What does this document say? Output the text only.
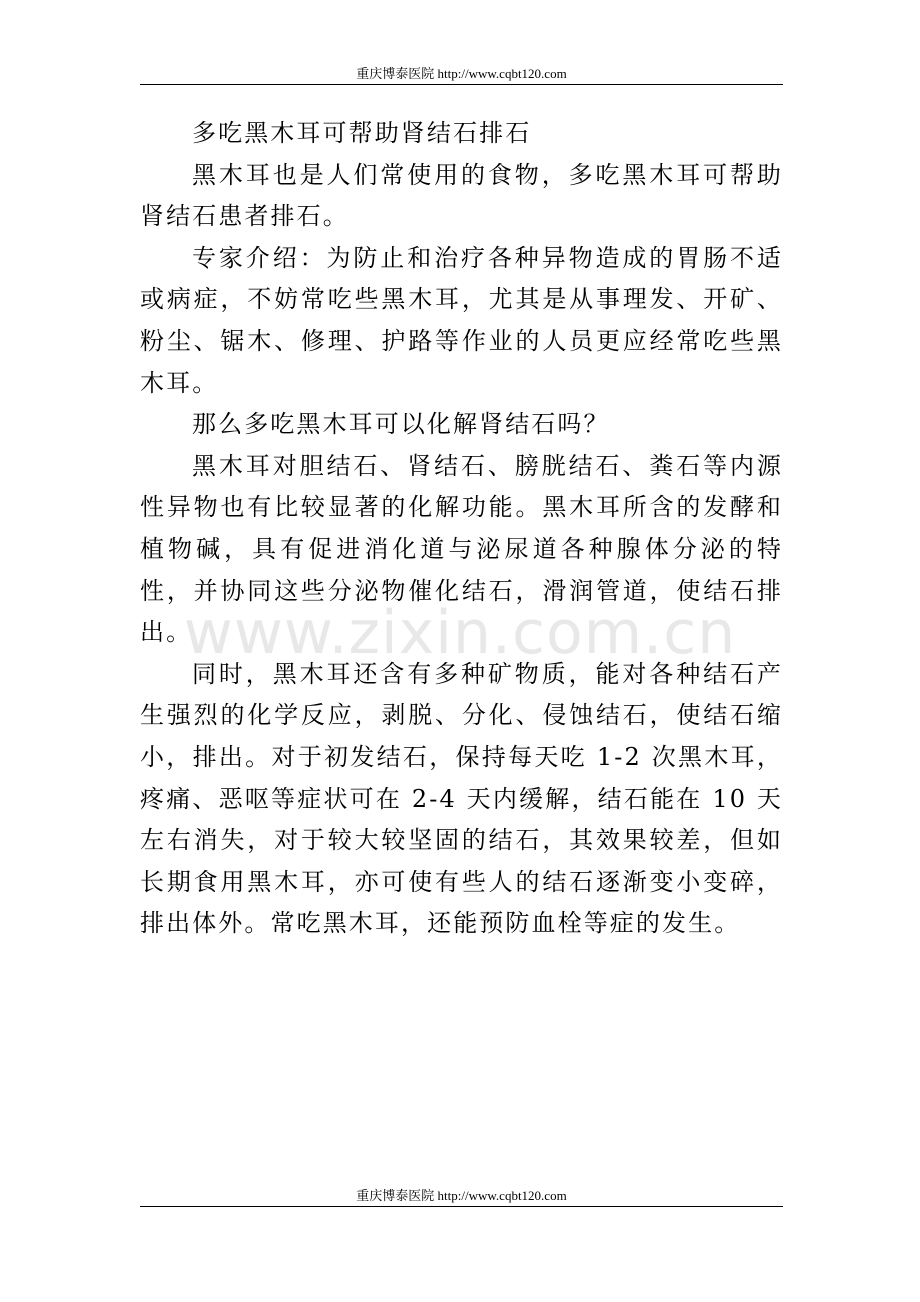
重庆博泰医院 http://www.cqbt120.com

多吃黑木耳可帮助肾结石排石

黑木耳也是人们常使用的食物，多吃黑木耳可帮助肾结石患者排石。

专家介绍：为防止和治疗各种异物造成的胃肠不适或病症，不妨常吃些黑木耳，尤其是从事理发、开矿、粉尘、锯木、修理、护路等作业的人员更应经常吃些黑木耳。

那么多吃黑木耳可以化解肾结石吗？

黑木耳对胆结石、肾结石、膀胱结石、粪石等内源性异物也有比较显著的化解功能。黑木耳所含的发酵和植物碱，具有促进消化道与泌尿道各种腺体分泌的特性，并协同这些分泌物催化结石，滑润管道，使结石排出。

同时，黑木耳还含有多种矿物质，能对各种结石产生强烈的化学反应，剥脱、分化、侵蚀结石，使结石缩小，排出。对于初发结石，保持每天吃 1-2 次黑木耳，疼痛、恶呕等症状可在 2-4 天内缓解，结石能在 10 天左右消失，对于较大较坚固的结石，其效果较差，但如长期食用黑木耳，亦可使有些人的结石逐渐变小变碎，排出体外。常吃黑木耳，还能预防血栓等症的发生。

www.zixin.com.cn
重庆博泰医院 http://www.cqbt120.com
